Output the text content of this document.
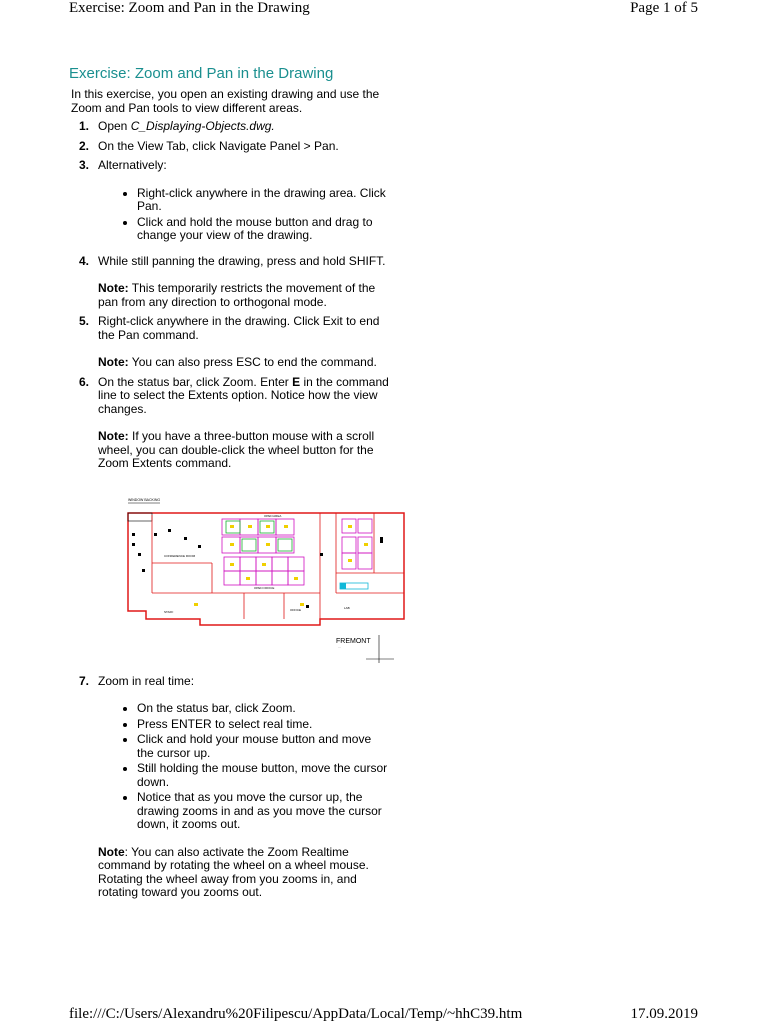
Exercise: Zoom and Pan in the Drawing	Page 1 of 5
Exercise: Zoom and Pan in the Drawing

In this exercise, you open an existing drawing and use the Zoom and Pan tools to view different areas.

1. Open C_Displaying-Objects.dwg.
2. On the View Tab, click Navigate Panel > Pan.
3. Alternatively:
Right-click anywhere in the drawing area. Click Pan.
Click and hold the mouse button and drag to change your view of the drawing.
4. While still panning the drawing, press and hold SHIFT.

Note: This temporarily restricts the movement of the pan from any direction to orthogonal mode.

5. Right-click anywhere in the drawing. Click Exit to end the Pan command.

Note: You can also press ESC to end the command.

6. On the status bar, click Zoom. Enter E in the command line to select the Extents option. Notice how the view changes.

Note: If you have a three-button mouse with a scroll wheel, you can double-click the wheel button for the Zoom Extents command.

WINDOW BACKING
OPEN AREA
CONFERENCE ROOM
OPEN OFFICE
STAFF	OFFICE	LAB
FREMONT
…
7. Zoom in real time:
On the status bar, click Zoom.
Press ENTER to select real time.
Click and hold your mouse button and move the cursor up.
Still holding the mouse button, move the cursor down.
Notice that as you move the cursor up, the drawing zooms in and as you move the cursor down, it zooms out.

Note: You can also activate the Zoom Realtime command by rotating the wheel on a wheel mouse. Rotating the wheel away from you zooms in, and rotating toward you zooms out.

file:///C:/Users/Alexandru%20Filipescu/AppData/Local/Temp/~hhC39.htm	17.09.2019
